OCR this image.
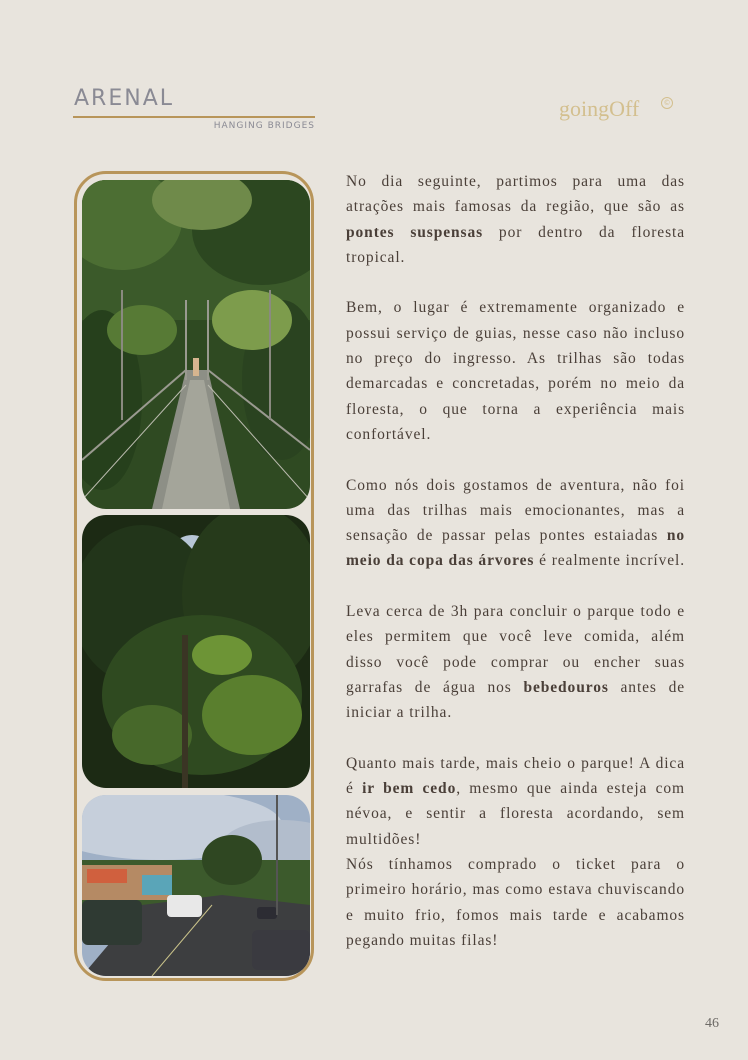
ARENAL
HANGING BRIDGES
goingOff	©

No dia seguinte, partimos para uma das atrações mais famosas da região, que são as pontes suspensas por dentro da floresta tropical.

Bem, o lugar é extremamente organizado e possui serviço de guias, nesse caso não incluso no preço do ingresso. As trilhas são todas demarcadas e concretadas, porém no meio da floresta, o que torna a experiência mais confortável.

Como nós dois gostamos de aventura, não foi uma das trilhas mais emocionantes, mas a sensação de passar pelas pontes estaiadas no meio da copa das árvores é realmente incrível.

Leva cerca de 3h para concluir o parque todo e eles permitem que você leve comida, além disso você pode comprar ou encher suas garrafas de água nos bebedouros antes de iniciar a trilha.

Quanto mais tarde, mais cheio o parque! A dica é ir bem cedo, mesmo que ainda esteja com névoa, e sentir a floresta acordando, sem multidões!

Nós tínhamos comprado o ticket para o primeiro horário, mas como estava chuviscando e muito frio, fomos mais tarde e acabamos pegando muitas filas!

46
